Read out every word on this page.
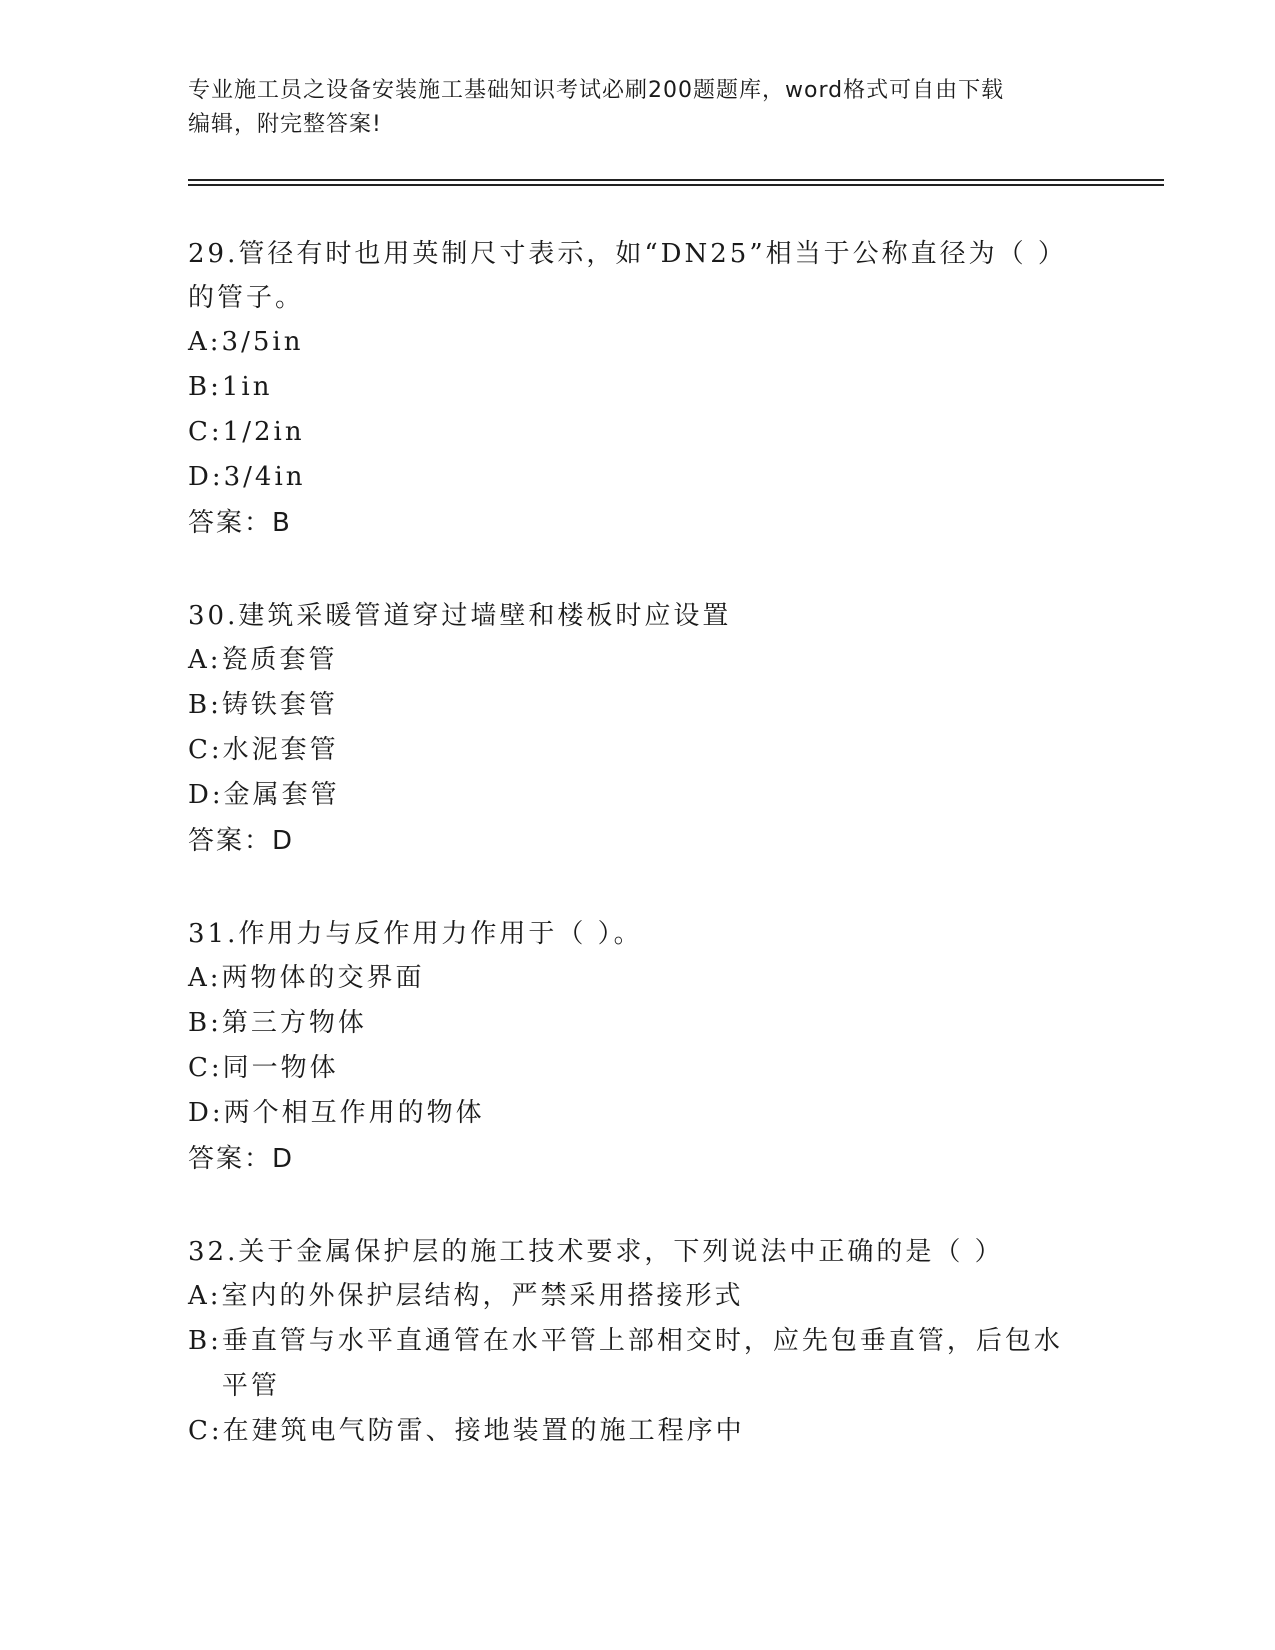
专业施工员之设备安装施工基础知识考试必刷200题题库，word格式可自由下载
编辑，附完整答案!
29.管径有时也用英制尺寸表示，如“DN25”相当于公称直径为（ ）
的管子。
A: 3/5in
B: 1in
C: 1/2in
D: 3/4in
答案：B
30.建筑采暖管道穿过墙壁和楼板时应设置
A: 瓷质套管
B: 铸铁套管
C: 水泥套管
D: 金属套管
答案：D
31.作用力与反作用力作用于（ ）。
A: 两物体的交界面
B: 第三方物体
C: 同一物体
D: 两个相互作用的物体
答案：D
32.关于金属保护层的施工技术要求，下列说法中正确的是（ ）
A: 室内的外保护层结构，严禁采用搭接形式
B: 垂直管与水平直通管在水平管上部相交时，应先包垂直管，后包水平管
C: 在建筑电气防雷、接地装置的施工程序中
